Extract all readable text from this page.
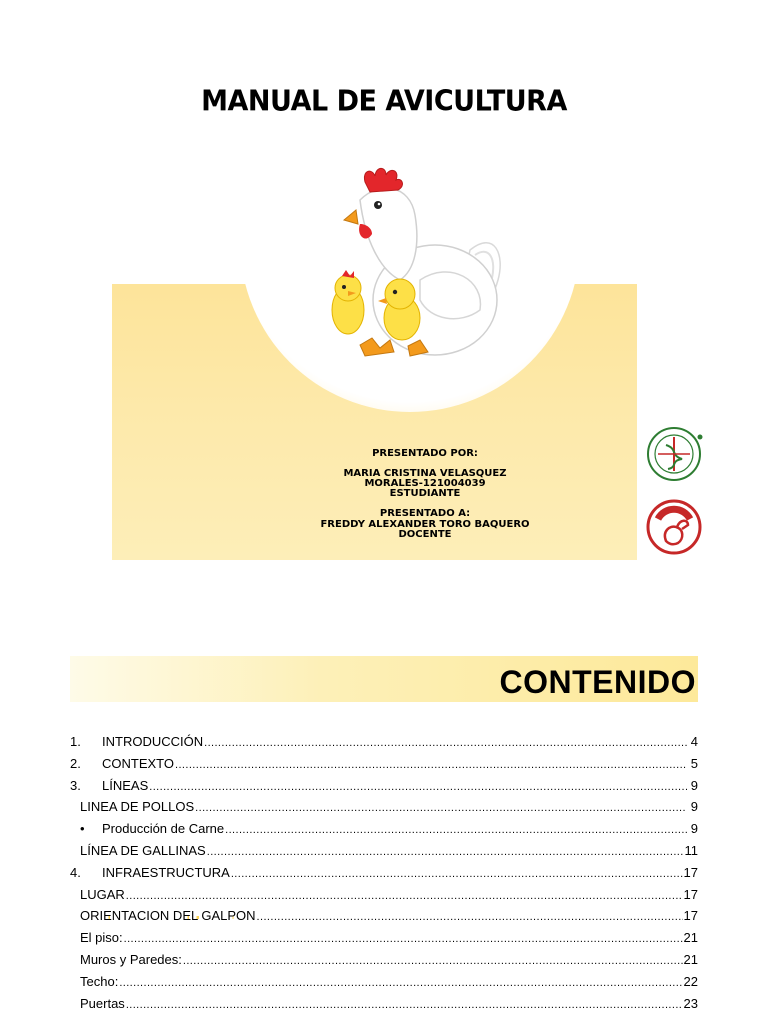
MANUAL DE AVICULTURA
PRESENTADO POR:
MARIA CRISTINA VELASQUEZ
MORALES-121004039
ESTUDIANTE
PRESENTADO A:
FREDDY ALEXANDER TORO BAQUERO
DOCENTE
CONTENIDO
1.	INTRODUCCIÓN .....	4
2.	CONTEXTO .....	5
3.	LÍNEAS .....	9
LINEA DE POLLOS .....	9
•	Producción de Carne .....	9
LÍNEA DE GALLINAS .....	11
4.	INFRAESTRUCTURA .....	17
LUGAR .....	17
ORIENTACION DEL GALPON .....	17
El piso: .....	21
Muros y Paredes: .....	21
Techo: .....	22
Puertas .....	23
